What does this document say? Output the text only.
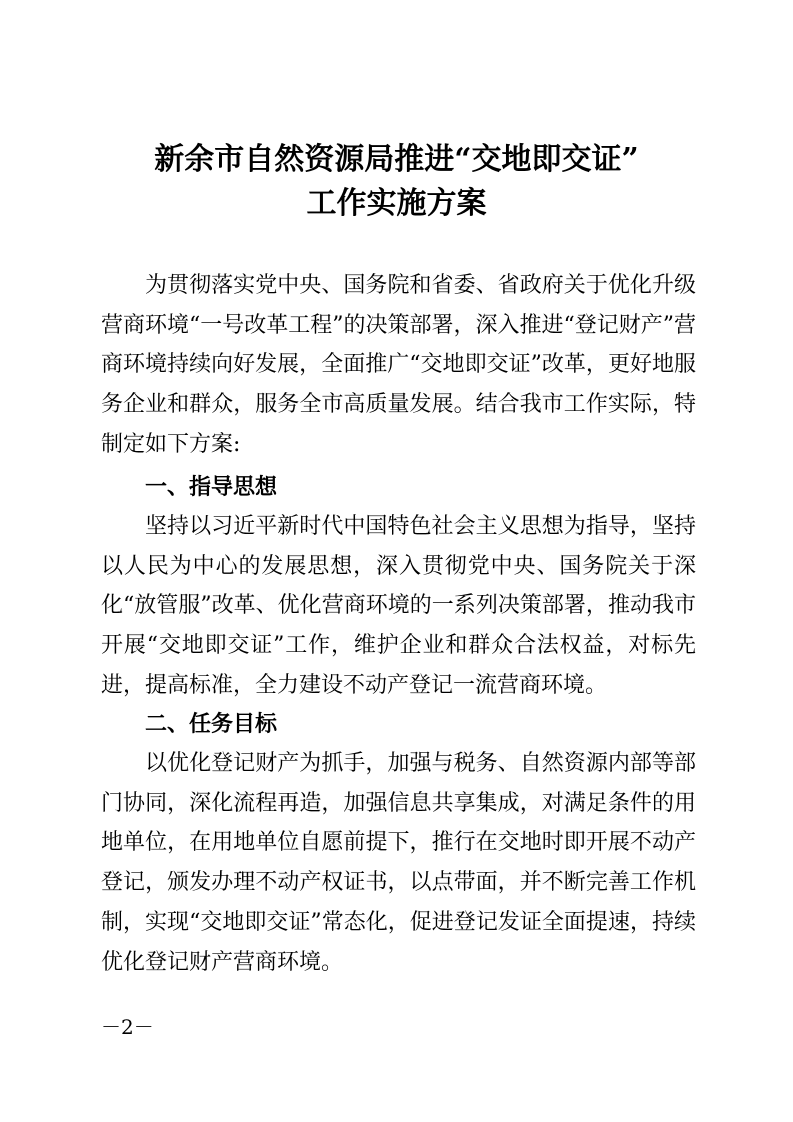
新余市自然资源局推进“交地即交证”
工作实施方案

为贯彻落实党中央、国务院和省委、省政府关于优化升级营商环境“一号改革工程”的决策部署，深入推进“登记财产”营商环境持续向好发展，全面推广“交地即交证”改革，更好地服务企业和群众，服务全市高质量发展。结合我市工作实际，特制定如下方案:

一、指导思想

坚持以习近平新时代中国特色社会主义思想为指导，坚持以人民为中心的发展思想，深入贯彻党中央、国务院关于深化“放管服”改革、优化营商环境的一系列决策部署，推动我市开展“交地即交证”工作，维护企业和群众合法权益，对标先进，提高标准，全力建设不动产登记一流营商环境。

二、任务目标

以优化登记财产为抓手，加强与税务、自然资源内部等部门协同，深化流程再造，加强信息共享集成，对满足条件的用地单位，在用地单位自愿前提下，推行在交地时即开展不动产登记，颁发办理不动产权证书，以点带面，并不断完善工作机制，实现“交地即交证”常态化，促进登记发证全面提速，持续优化登记财产营商环境。

－2－
